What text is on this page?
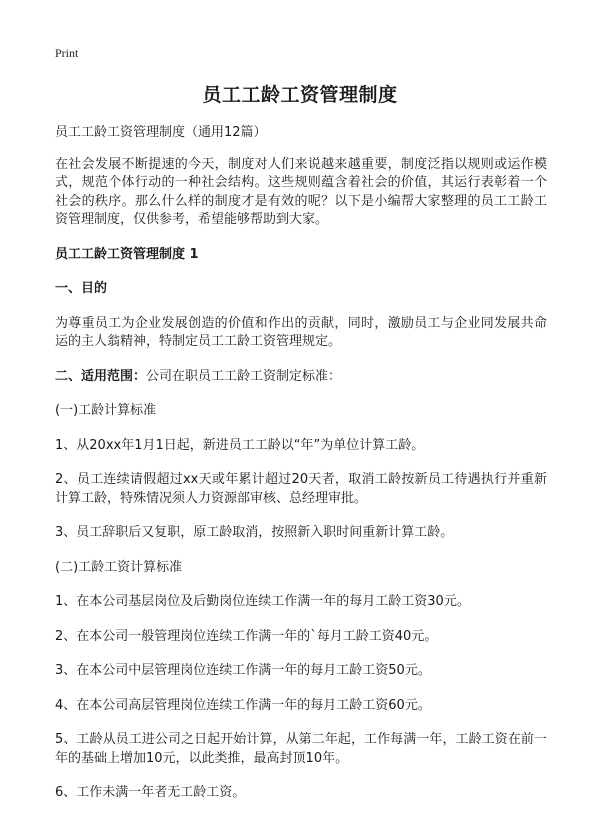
Print
员工工龄工资管理制度

员工工龄工资管理制度（通用12篇）

在社会发展不断提速的今天，制度对人们来说越来越重要，制度泛指以规则或运作模式，规范个体行动的一种社会结构。这些规则蕴含着社会的价值，其运行表彰着一个社会的秩序。那么什么样的制度才是有效的呢？以下是小编帮大家整理的员工工龄工资管理制度，仅供参考，希望能够帮助到大家。

员工工龄工资管理制度 1

一、目的

为尊重员工为企业发展创造的价值和作出的贡献，同时，激励员工与企业同发展共命运的主人翁精神，特制定员工工龄工资管理规定。

二、适用范围：公司在职员工工龄工资制定标准：

(一)工龄计算标准

1、从20xx年1月1日起，新进员工工龄以“年”为单位计算工龄。

2、员工连续请假超过xx天或年累计超过20天者，取消工龄按新员工待遇执行并重新计算工龄，特殊情况须人力资源部审核、总经理审批。

3、员工辞职后又复职，原工龄取消，按照新入职时间重新计算工龄。

(二)工龄工资计算标准

1、在本公司基层岗位及后勤岗位连续工作满一年的每月工龄工资30元。

2、在本公司一般管理岗位连续工作满一年的`每月工龄工资40元。

3、在本公司中层管理岗位连续工作满一年的每月工龄工资50元。

4、在本公司高层管理岗位连续工作满一年的每月工龄工资60元。

5、工龄从员工进公司之日起开始计算，从第二年起，工作每满一年，工龄工资在前一年的基础上增加10元，以此类推，最高封顶10年。

6、工作未满一年者无工龄工资。
